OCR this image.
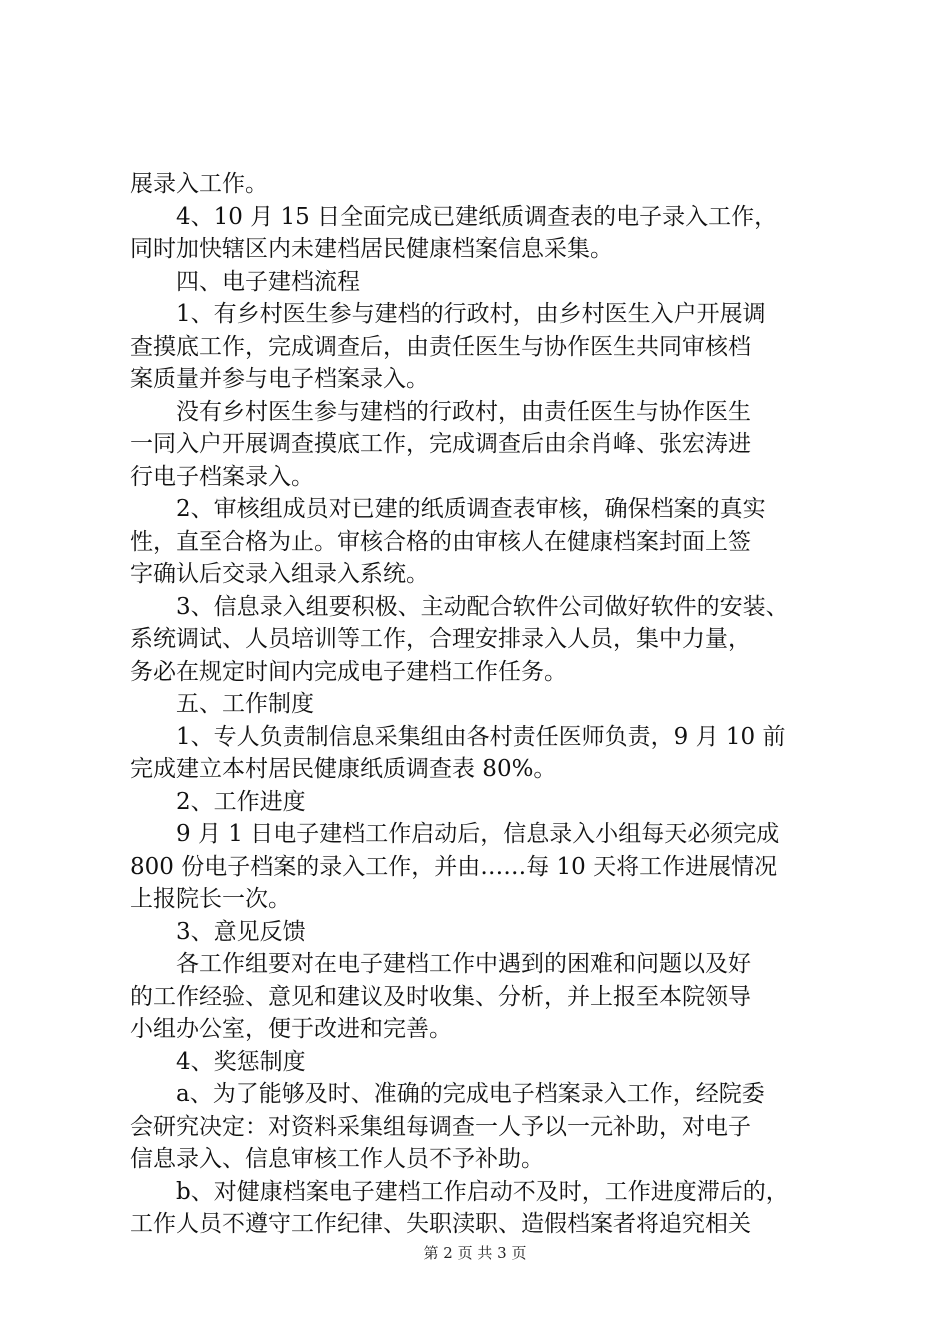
展录入工作。
4、10 月 15 日全面完成已建纸质调查表的电子录入工作，
同时加快辖区内未建档居民健康档案信息采集。
四、电子建档流程
1、有乡村医生参与建档的行政村，由乡村医生入户开展调
查摸底工作，完成调查后，由责任医生与协作医生共同审核档
案质量并参与电子档案录入。
没有乡村医生参与建档的行政村，由责任医生与协作医生
一同入户开展调查摸底工作，完成调查后由余肖峰、张宏涛进
行电子档案录入。
2、审核组成员对已建的纸质调查表审核，确保档案的真实
性，直至合格为止。审核合格的由审核人在健康档案封面上签
字确认后交录入组录入系统。
3、信息录入组要积极、主动配合软件公司做好软件的安装、
系统调试、人员培训等工作，合理安排录入人员，集中力量，
务必在规定时间内完成电子建档工作任务。
五、工作制度
1、专人负责制信息采集组由各村责任医师负责，9 月 10 前
完成建立本村居民健康纸质调查表 80%。
2、工作进度
9 月 1 日电子建档工作启动后，信息录入小组每天必须完成
800 份电子档案的录入工作，并由……每 10 天将工作进展情况
上报院长一次。
3、意见反馈
各工作组要对在电子建档工作中遇到的困难和问题以及好
的工作经验、意见和建议及时收集、分析，并上报至本院领导
小组办公室，便于改进和完善。
4、奖惩制度
a、为了能够及时、准确的完成电子档案录入工作，经院委
会研究决定：对资料采集组每调查一人予以一元补助，对电子
信息录入、信息审核工作人员不予补助。
b、对健康档案电子建档工作启动不及时，工作进度滞后的，
工作人员不遵守工作纪律、失职渎职、造假档案者将追究相关
第 2 页 共 3 页
